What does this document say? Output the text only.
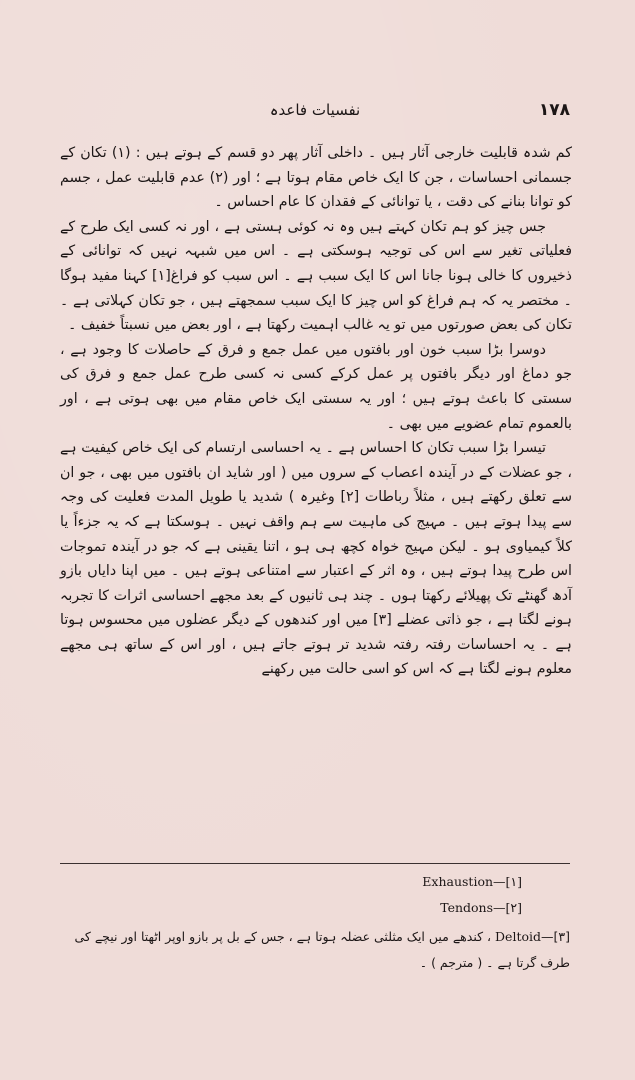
۱۷۸
نفسیات فاعدہ

کم شدہ قابلیت خارجی آثار ہیں ۔ داخلی آثار پھر دو قسم کے ہوتے ہیں : (۱) تکان کے جسمانی احساسات ، جن کا ایک خاص مقام ہوتا ہے ؛ اور (۲) عدم قابلیت عمل ، جسم کو توانا بنانے کی دقت ، یا توانائی کے فقدان کا عام احساس ۔

جس چیز کو ہم تکان کہتے ہیں وہ نہ کوئی ہستی ہے ، اور نہ کسی ایک طرح کے فعلیاتی تغیر سے اس کی توجیہ ہوسکتی ہے ۔ اس میں شبہہ نہیں کہ توانائی کے ذخیروں کا خالی ہونا جانا اس کا ایک سبب ہے ۔ اس سبب کو فراغ[۱] کہنا مفید ہوگا ۔ مختصر یہ کہ ہم فراغ کو اس چیز کا ایک سبب سمجھتے ہیں ، جو تکان کہلاتی ہے ۔ تکان کی بعض صورتوں میں تو یہ غالب اہمیت رکھتا ہے ، اور بعض میں نسبتاً خفیف ۔

دوسرا بڑا سبب خون اور بافتوں میں عمل جمع و فرق کے حاصلات کا وجود ہے ، جو دماغ اور دیگر بافتوں پر عمل کرکے کسی نہ کسی طرح عمل جمع و فرق کی سستی کا باعث ہوتے ہیں ؛ اور یہ سستی ایک خاص مقام میں بھی ہوتی ہے ، اور بالعموم تمام عضویے میں بھی ۔

تیسرا بڑا سبب تکان کا احساس ہے ۔ یہ احساسی ارتسام کی ایک خاص کیفیت ہے ، جو عضلات کے در آیندہ اعصاب کے سروں میں ( اور شاید ان بافتوں میں بھی ، جو ان سے تعلق رکھتے ہیں ، مثلاً رباطات [۲] وغیرہ ) شدید یا طویل المدت فعلیت کی وجہ سے پیدا ہوتے ہیں ۔ مہیج کی ماہیت سے ہم واقف نہیں ۔ ہوسکتا ہے کہ یہ جزءاً یا کلاً کیمیاوی ہو ۔ لیکن مہیج خواہ کچھ ہی ہو ، اتنا یقینی ہے کہ جو در آیندہ تموجات اس طرح پیدا ہوتے ہیں ، وہ اثر کے اعتبار سے امتناعی ہوتے ہیں ۔ میں اپنا دایاں بازو آدھ گھنٹے تک پھیلائے رکھتا ہوں ۔ چند ہی ثانیوں کے بعد مجھے احساسی اثرات کا تجربہ ہونے لگتا ہے ، جو ذاتی عضلے [۳] میں اور کندھوں کے دیگر عضلوں میں محسوس ہوتا ہے ۔ یہ احساسات رفتہ رفتہ شدید تر ہوتے جاتے ہیں ، اور اس کے ساتھ ہی مجھے معلوم ہونے لگتا ہے کہ اس کو اسی حالت میں رکھنے

Exhaustion—[۱]
Tendons—[۲]
[۳]—Deltoid ، کندھے میں ایک مثلثی عضلہ ہوتا ہے ، جس کے بل پر بازو اوپر اٹھتا اور نیچے کی طرف گرتا ہے ۔ ( مترجم ) ۔
